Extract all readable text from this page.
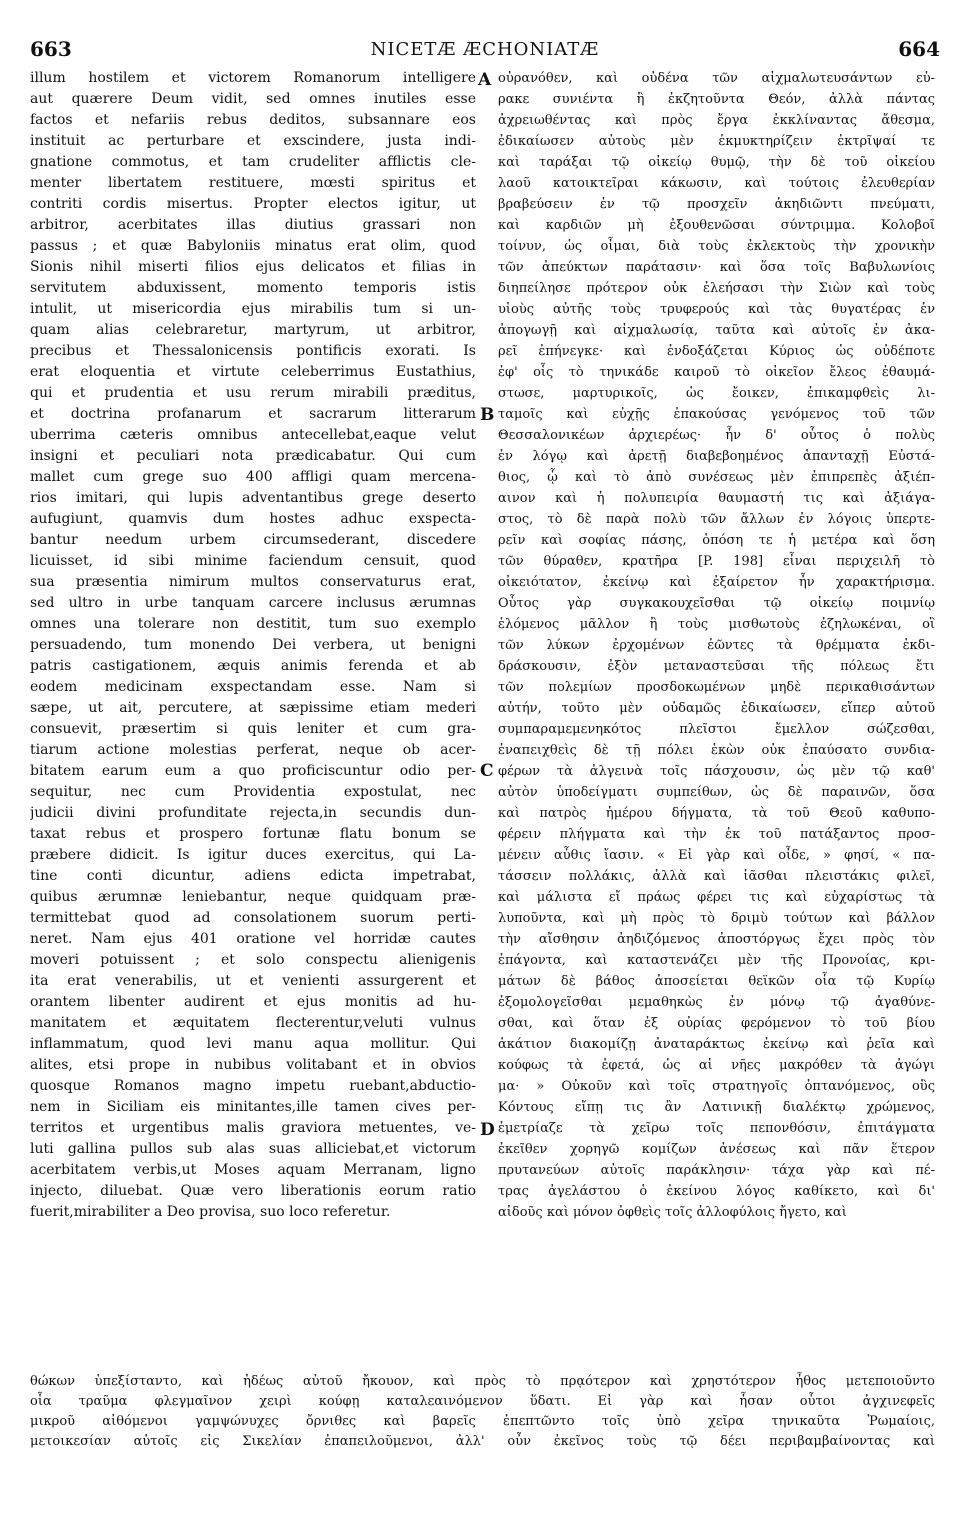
663	NICETÆ ÆCHONIATÆ	664
illum hostilem et victorem Romanorum intelligere
aut quærere Deum vidit, sed omnes inutiles esse
factos et nefariis rebus deditos, subsannare eos
instituit ac perturbare et exscindere, justa indi-
gnatione commotus, et tam crudeliter afflictis cle-
menter libertatem restituere, mœsti spiritus et
contriti cordis misertus. Propter electos igitur, ut
arbitror, acerbitates illas diutius grassari non
passus ; et quæ Babyloniis minatus erat olim, quod
Sionis nihil miserti filios ejus delicatos et filias in
servitutem abduxissent, momento temporis istis
intulit, ut misericordia ejus mirabilis tum si un-
quam alias celebraretur, martyrum, ut arbitror,
precibus et Thessalonicensis pontificis exorati. Is
erat eloquentia et virtute celeberrimus Eustathius,
qui et prudentia et usu rerum mirabili præditus,
et doctrina profanarum et sacrarum litterarum
uberrima cæteris omnibus antecellebat,eaque velut
insigni et peculiari nota prædicabatur. Qui cum
mallet cum grege suo 400 affligi quam mercena-
rios imitari, qui lupis adventantibus grege deserto
aufugiunt, quamvis dum hostes adhuc exspecta-
bantur needum urbem circumsederant, discedere
licuisset, id sibi minime faciendum censuit, quod
sua præsentia nimirum multos conservaturus erat,
sed ultro in urbe tanquam carcere inclusus ærumnas
omnes una tolerare non destitit, tum suo exemplo
persuadendo, tum monendo Dei verbera, ut benigni
patris castigationem, æquis animis ferenda et ab
eodem medicinam exspectandam esse. Nam si
sæpe, ut ait, percutere, at sæpissime etiam mederi
consuevit, præsertim si quis leniter et cum gra-
tiarum actione molestias perferat, neque ob acer-
bitatem earum eum a quo proficiscuntur odio per-
sequitur, nec cum Providentia expostulat, nec
judicii divini profunditate rejecta,in secundis dun-
taxat rebus et prospero fortunæ flatu bonum se
præbere didicit. Is igitur duces exercitus, qui La-
tine conti dicuntur, adiens edicta impetrabat,
quibus ærumnæ leniebantur, neque quidquam præ-
termittebat quod ad consolationem suorum perti-
neret. Nam ejus 401 oratione vel horridæ cautes
moveri potuissent ; et solo conspectu alienigenis
ita erat venerabilis, ut et venienti assurgerent et
orantem libenter audirent et ejus monitis ad hu-
manitatem et æquitatem flecterentur,veluti vulnus
inflammatum, quod levi manu aqua mollitur. Qui
alites, etsi prope in nubibus volitabant et in obvios
quosque Romanos magno impetu ruebant,abductio-
nem in Siciliam eis minitantes,ille tamen cives per-
territos et urgentibus malis graviora metuentes, ve-
luti gallina pullos sub alas suas alliciebat,et victorum
acerbitatem verbis,ut Moses aquam Merranam, ligno
injecto, diluebat. Quæ vero liberationis eorum ratio
fuerit,mirabiliter a Deo provisa, suo loco referetur.
A
B
C
D
οὐρανόθεν, καὶ οὐδένα τῶν αἰχμαλωτευσάντων εὑ-
ρακε συνιέντα ἢ ἐκζητοῦντα Θεόν, ἀλλὰ πάντας
ἀχρειωθέντας καὶ πρὸς ἔργα ἐκκλίναντας ἄθεσμα,
ἐδικαίωσεν αὐτοὺς μὲν ἐκμυκτηρίζειν ἐκτρῖψαί τε
καὶ ταράξαι τῷ οἰκείῳ θυμῷ, τὴν δὲ τοῦ οἰκείου
λαοῦ κατοικτεῖραι κάκωσιν, καὶ τούτοις ἐλευθερίαν
βραβεύσειν ἐν τῷ προσχεῖν ἀκηδιῶντι πνεύματι,
καὶ καρδιῶν μὴ ἐξουθενῶσαι σύντριμμα. Κολοβοῖ
τοίνυν, ὡς οἶμαι, διὰ τοὺς ἐκλεκτοὺς τὴν χρονικὴν
τῶν ἀπεύκτων παράτασιν· καὶ ὅσα τοῖς Βαβυλωνίοις
διηπείλησε πρότερον οὐκ ἐλεήσασι τὴν Σιὼν καὶ τοὺς
υἱοὺς αὐτῆς τοὺς τρυφερούς καὶ τὰς θυγατέρας ἐν
ἀπογωγῇ καὶ αἰχμαλωσίᾳ, ταῦτα καὶ αὐτοῖς ἐν ἀκα-
ρεῖ ἐπήνεγκε· καὶ ἐνδοξάζεται Κύριος ὡς οὐδέποτε
ἐφ' οἷς τὸ τηνικάδε καιροῦ τὸ οἰκεῖον ἔλεος ἐθαυμά-
στωσε, μαρτυρικοῖς, ὡς ἔοικεν, ἐπικαμφθεὶς λι-
ταμοῖς καὶ εὐχῇς ἐπακούσας γενόμενος τοῦ τῶν
Θεσσαλονικέων ἀρχιερέως· ἦν δ' οὗτος ὁ πολὺς
ἐν λόγῳ καὶ ἀρετῇ διαβεβοημένος ἁπανταχῇ Εὐστά-
θιος, ᾧ καὶ τὸ ἀπὸ συνέσεως μὲν ἐπιπρεπὲς ἀξιέπ-
αινον καὶ ἡ πολυπειρία θαυμαστή τις καὶ ἀξιάγα-
στος, τὸ δὲ παρὰ πολὺ τῶν ἄλλων ἐν λόγοις ὑπερτε-
ρεῖν καὶ σοφίας πάσης, ὁπόση τε ἡ μετέρα καὶ ὅση
τῶν θύραθεν, κρατῆρα [P. 198] εἶναι περιχειλῆ τὸ
οἰκειότατον, ἐκείνῳ καὶ ἐξαίρετον ἦν χαρακτήρισμα.
Οὗτος γὰρ συγκακουχεῖσθαι τῷ οἰκείῳ ποιμνίῳ
ἑλόμενος μᾶλλον ἢ τοὺς μισθωτοὺς ἐζηλωκέναι, οἳ
τῶν λύκων ἐρχομένων ἐῶντες τὰ θρέμματα ἐκδι-
δράσκουσιν, ἐξὸν μεταναστεῦσαι τῆς πόλεως ἔτι
τῶν πολεμίων προσδοκωμένων μηδὲ περικαθισάντων
αὐτήν, τοῦτο μὲν οὐδαμῶς ἐδικαίωσεν, εἴπερ αὐτοῦ
συμπαραμεμενηκότος πλεῖστοι ἔμελλον σώζεσθαι,
ἐναπειχθεὶς δὲ τῇ πόλει ἑκὼν οὐκ ἐπαύσατο συνδια-
φέρων τὰ ἀλγεινὰ τοῖς πάσχουσιν, ὡς μὲν τῷ καθ'
αὐτὸν ὑποδείγματι συμπείθων, ὡς δὲ παραινῶν, ὅσα
καὶ πατρὸς ἡμέρου δήγματα, τὰ τοῦ Θεοῦ καθυπο-
φέρειν πλήγματα καὶ τὴν ἐκ τοῦ πατάξαντος προσ-
μένειν αὖθις ἴασιν. « Εἰ γὰρ καὶ οἶδε, » φησί, « πα-
τάσσειν πολλάκις, ἀλλὰ καὶ ἰᾶσθαι πλειστάκις φιλεῖ,
καὶ μάλιστα εἴ πράως φέρει τις καὶ εὐχαρίστως τὰ
λυποῦντα, καὶ μὴ πρὸς τὸ δριμὺ τούτων καὶ βάλλον
τὴν αἴσθησιν ἀηδιζόμενος ἀποστόργως ἔχει πρὸς τὸν
ἐπάγοντα, καὶ καταστενάζει μὲν τῆς Προνοίας, κρι-
μάτων δὲ βάθος ἀποσείεται θεϊκῶν οἷα τῷ Κυρίῳ
ἐξομολογεῖσθαι μεμαθηκὼς ἐν μόνῳ τῷ ἀγαθύνε-
σθαι, καὶ ὅταν ἐξ οὐρίας φερόμενον τὸ τοῦ βίου
ἀκάτιον διακομίζῃ ἀναταράκτως ἐκείνῳ καὶ ῥεῖα καὶ
κούφως τὰ ἐφετά, ὡς αἱ νῆες μακρόθεν τὰ ἀγώγι
μα· » Οὐκοῦν καὶ τοῖς στρατηγοῖς ὀπτανόμενος, οὓς
Κόντους εἴπῃ τις ἂν Λατινικῇ διαλέκτῳ χρώμενος,
ἐμετρίαζε τὰ χεῖρω τοῖς πεπονθόσιν, ἐπιτάγματα
ἐκεῖθεν χορηγῶ κομίζων ἀνέσεως καὶ πᾶν ἕτερον
πρυτανεύων αὐτοῖς παράκλησιν· τάχα γὰρ καὶ πέ-
τρας ἀγελάστου ὁ ἐκείνου λόγος καθίκετο, καὶ δι'
αἰδοῦς καὶ μόνον ὀφθεὶς τοῖς ἀλλοφύλοις ἤγετο, καὶ
θώκων ὑπεξίσταντο, καὶ ἡδέως αὐτοῦ ἤκουον, καὶ πρὸς τὸ πρᾳότερον καὶ χρηστότερον ἦθος μετεποιοῦντο
οἷα τραῦμα φλεγμαῖνον χειρὶ κούφῃ καταλεαινόμενον ὕδατι. Εἰ γὰρ καὶ ἦσαν οὗτοι ἀγχινεφεῖς
μικροῦ αἰθόμενοι γαμψώνυχες ὄρνιθες καὶ βαρεῖς ἐπεπτῶντο τοῖς ὑπὸ χεῖρα τηνικαῦτα Ῥωμαίοις,
μετοικεσίαν αὐτοῖς εἰς Σικελίαν ἐπαπειλοῦμενοι, ἀλλ' οὖν ἐκεῖνος τοὺς τῷ δέει περιβαμβαίνοντας καὶ
